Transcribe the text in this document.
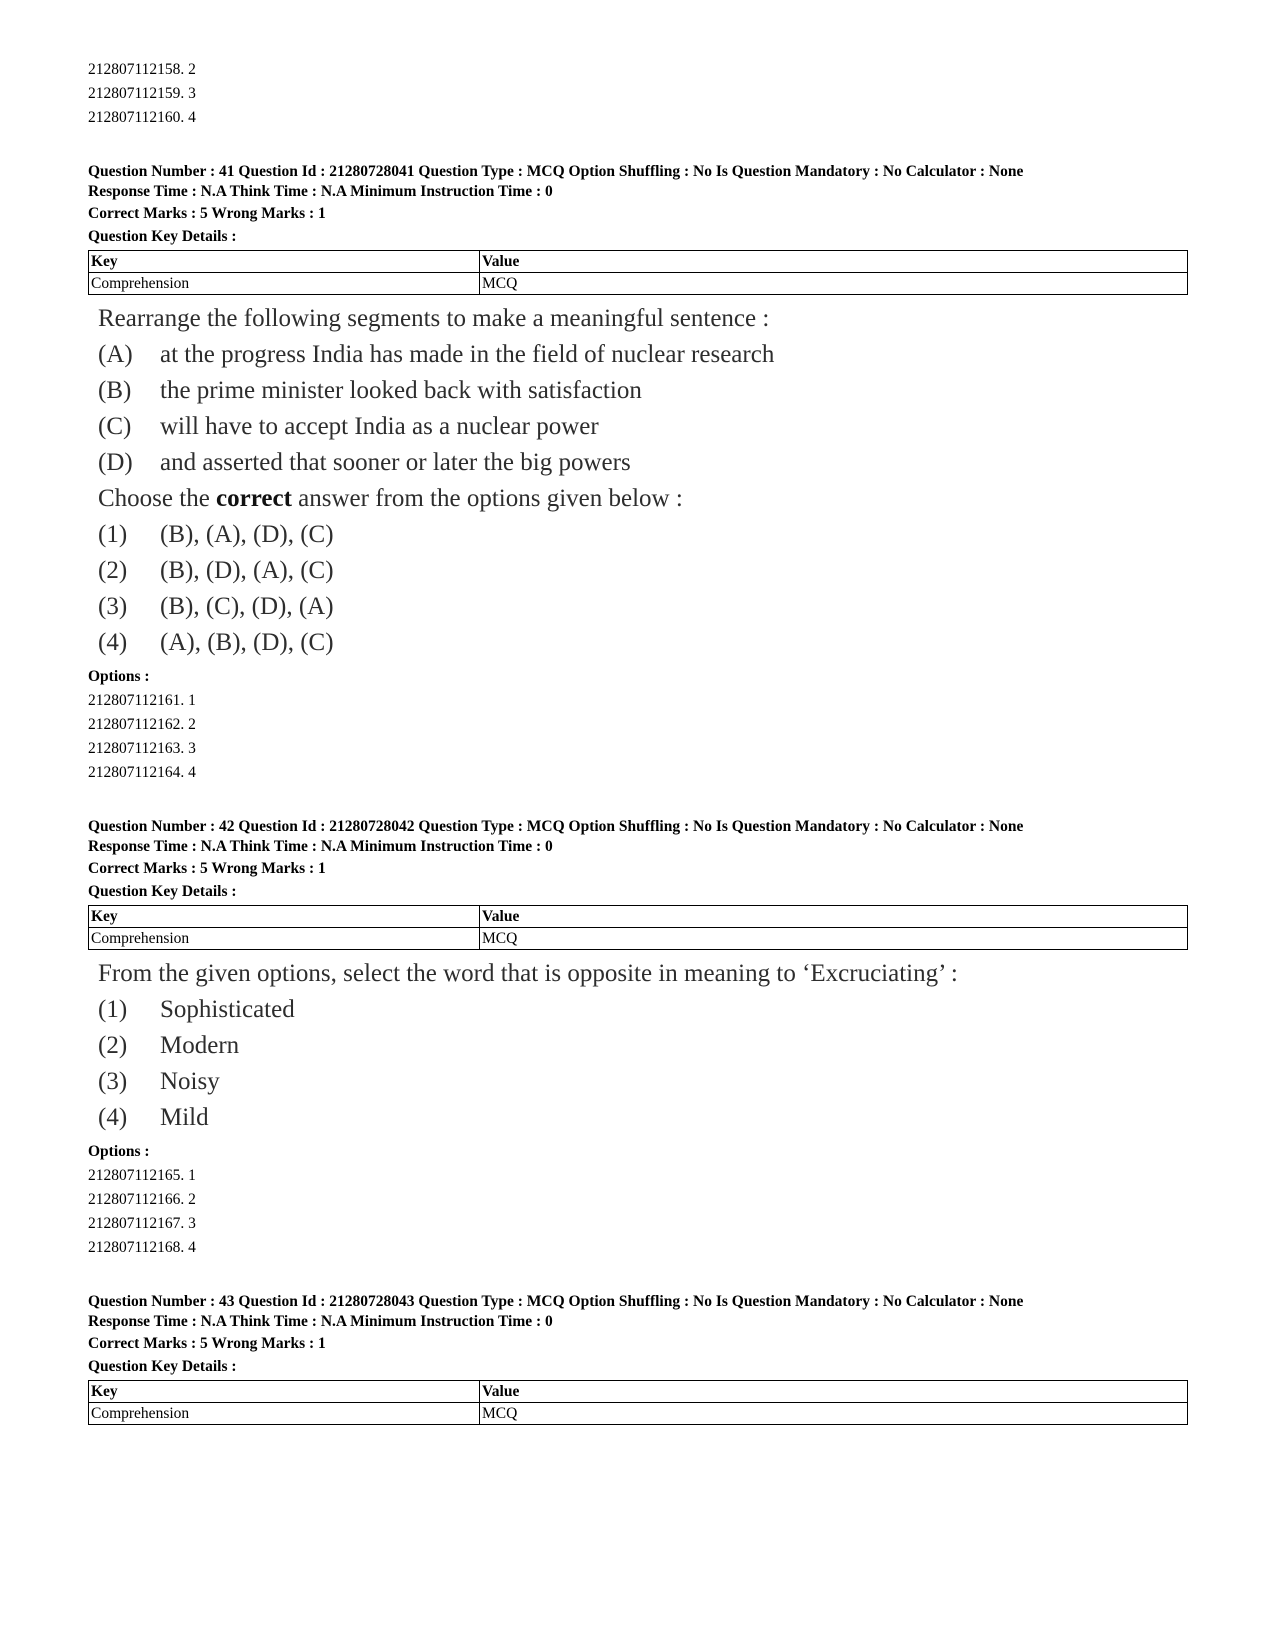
212807112158. 2
212807112159. 3
212807112160. 4
Question Number : 41 Question Id : 21280728041 Question Type : MCQ Option Shuffling : No Is Question Mandatory : No Calculator : None
Response Time : N.A Think Time : N.A Minimum Instruction Time : 0
Correct Marks : 5 Wrong Marks : 1
Question Key Details :
Key	Value
Comprehension	MCQ
Rearrange the following segments to make a meaningful sentence :
(A)	at the progress India has made in the field of nuclear research
(B)	the prime minister looked back with satisfaction
(C)	will have to accept India as a nuclear power
(D)	and asserted that sooner or later the big powers
Choose the correct answer from the options given below :
(1)	(B), (A), (D), (C)
(2)	(B), (D), (A), (C)
(3)	(B), (C), (D), (A)
(4)	(A), (B), (D), (C)
Options :
212807112161. 1
212807112162. 2
212807112163. 3
212807112164. 4
Question Number : 42 Question Id : 21280728042 Question Type : MCQ Option Shuffling : No Is Question Mandatory : No Calculator : None
Response Time : N.A Think Time : N.A Minimum Instruction Time : 0
Correct Marks : 5 Wrong Marks : 1
Question Key Details :
Key	Value
Comprehension	MCQ
From the given options, select the word that is opposite in meaning to ‘Excruciating’ :
(1)	Sophisticated
(2)	Modern
(3)	Noisy
(4)	Mild
Options :
212807112165. 1
212807112166. 2
212807112167. 3
212807112168. 4
Question Number : 43 Question Id : 21280728043 Question Type : MCQ Option Shuffling : No Is Question Mandatory : No Calculator : None
Response Time : N.A Think Time : N.A Minimum Instruction Time : 0
Correct Marks : 5 Wrong Marks : 1
Question Key Details :
Key	Value
Comprehension	MCQ
